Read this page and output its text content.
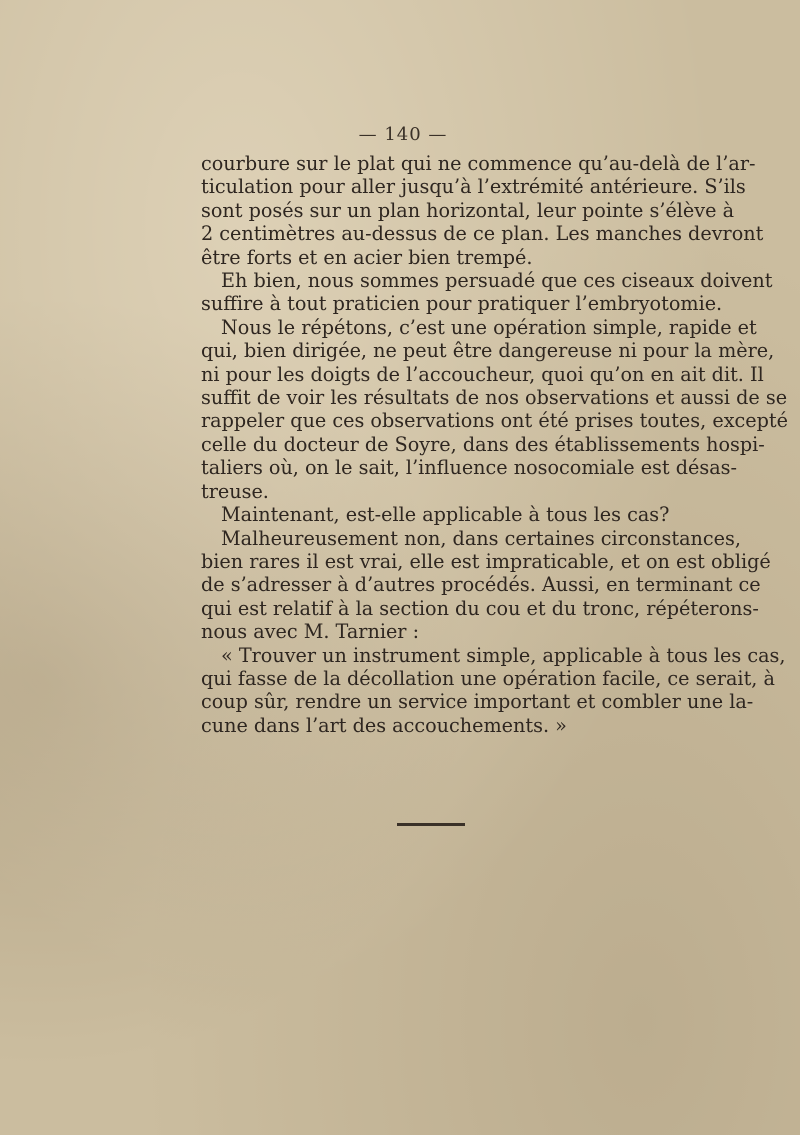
— 140 —

courbure sur le plat qui ne commence qu’au-delà de l’ar-
ticulation pour aller jusqu’à l’extrémité antérieure. S’ils
sont posés sur un plan horizontal, leur pointe s’élève à
2 centimètres au-dessus de ce plan. Les manches devront
être forts et en acier bien trempé.

Eh bien, nous sommes persuadé que ces ciseaux doivent
suffire à tout praticien pour pratiquer l’embryotomie.

Nous le répétons, c’est une opération simple, rapide et
qui, bien dirigée, ne peut être dangereuse ni pour la mère,
ni pour les doigts de l’accoucheur, quoi qu’on en ait dit. Il
suffit de voir les résultats de nos observations et aussi de se
rappeler que ces observations ont été prises toutes, excepté
celle du docteur de Soyre, dans des établissements hospi-
taliers où, on le sait, l’influence nosocomiale est désas-
treuse.

Maintenant, est-elle applicable à tous les cas?

Malheureusement non, dans certaines circonstances,
bien rares il est vrai, elle est impraticable, et on est obligé
de s’adresser à d’autres procédés. Aussi, en terminant ce
qui est relatif à la section du cou et du tronc, répéterons-
nous avec M. Tarnier :

« Trouver un instrument simple, applicable à tous les cas,
qui fasse de la décollation une opération facile, ce serait, à
coup sûr, rendre un service important et combler une la-
cune dans l’art des accouchements. »
